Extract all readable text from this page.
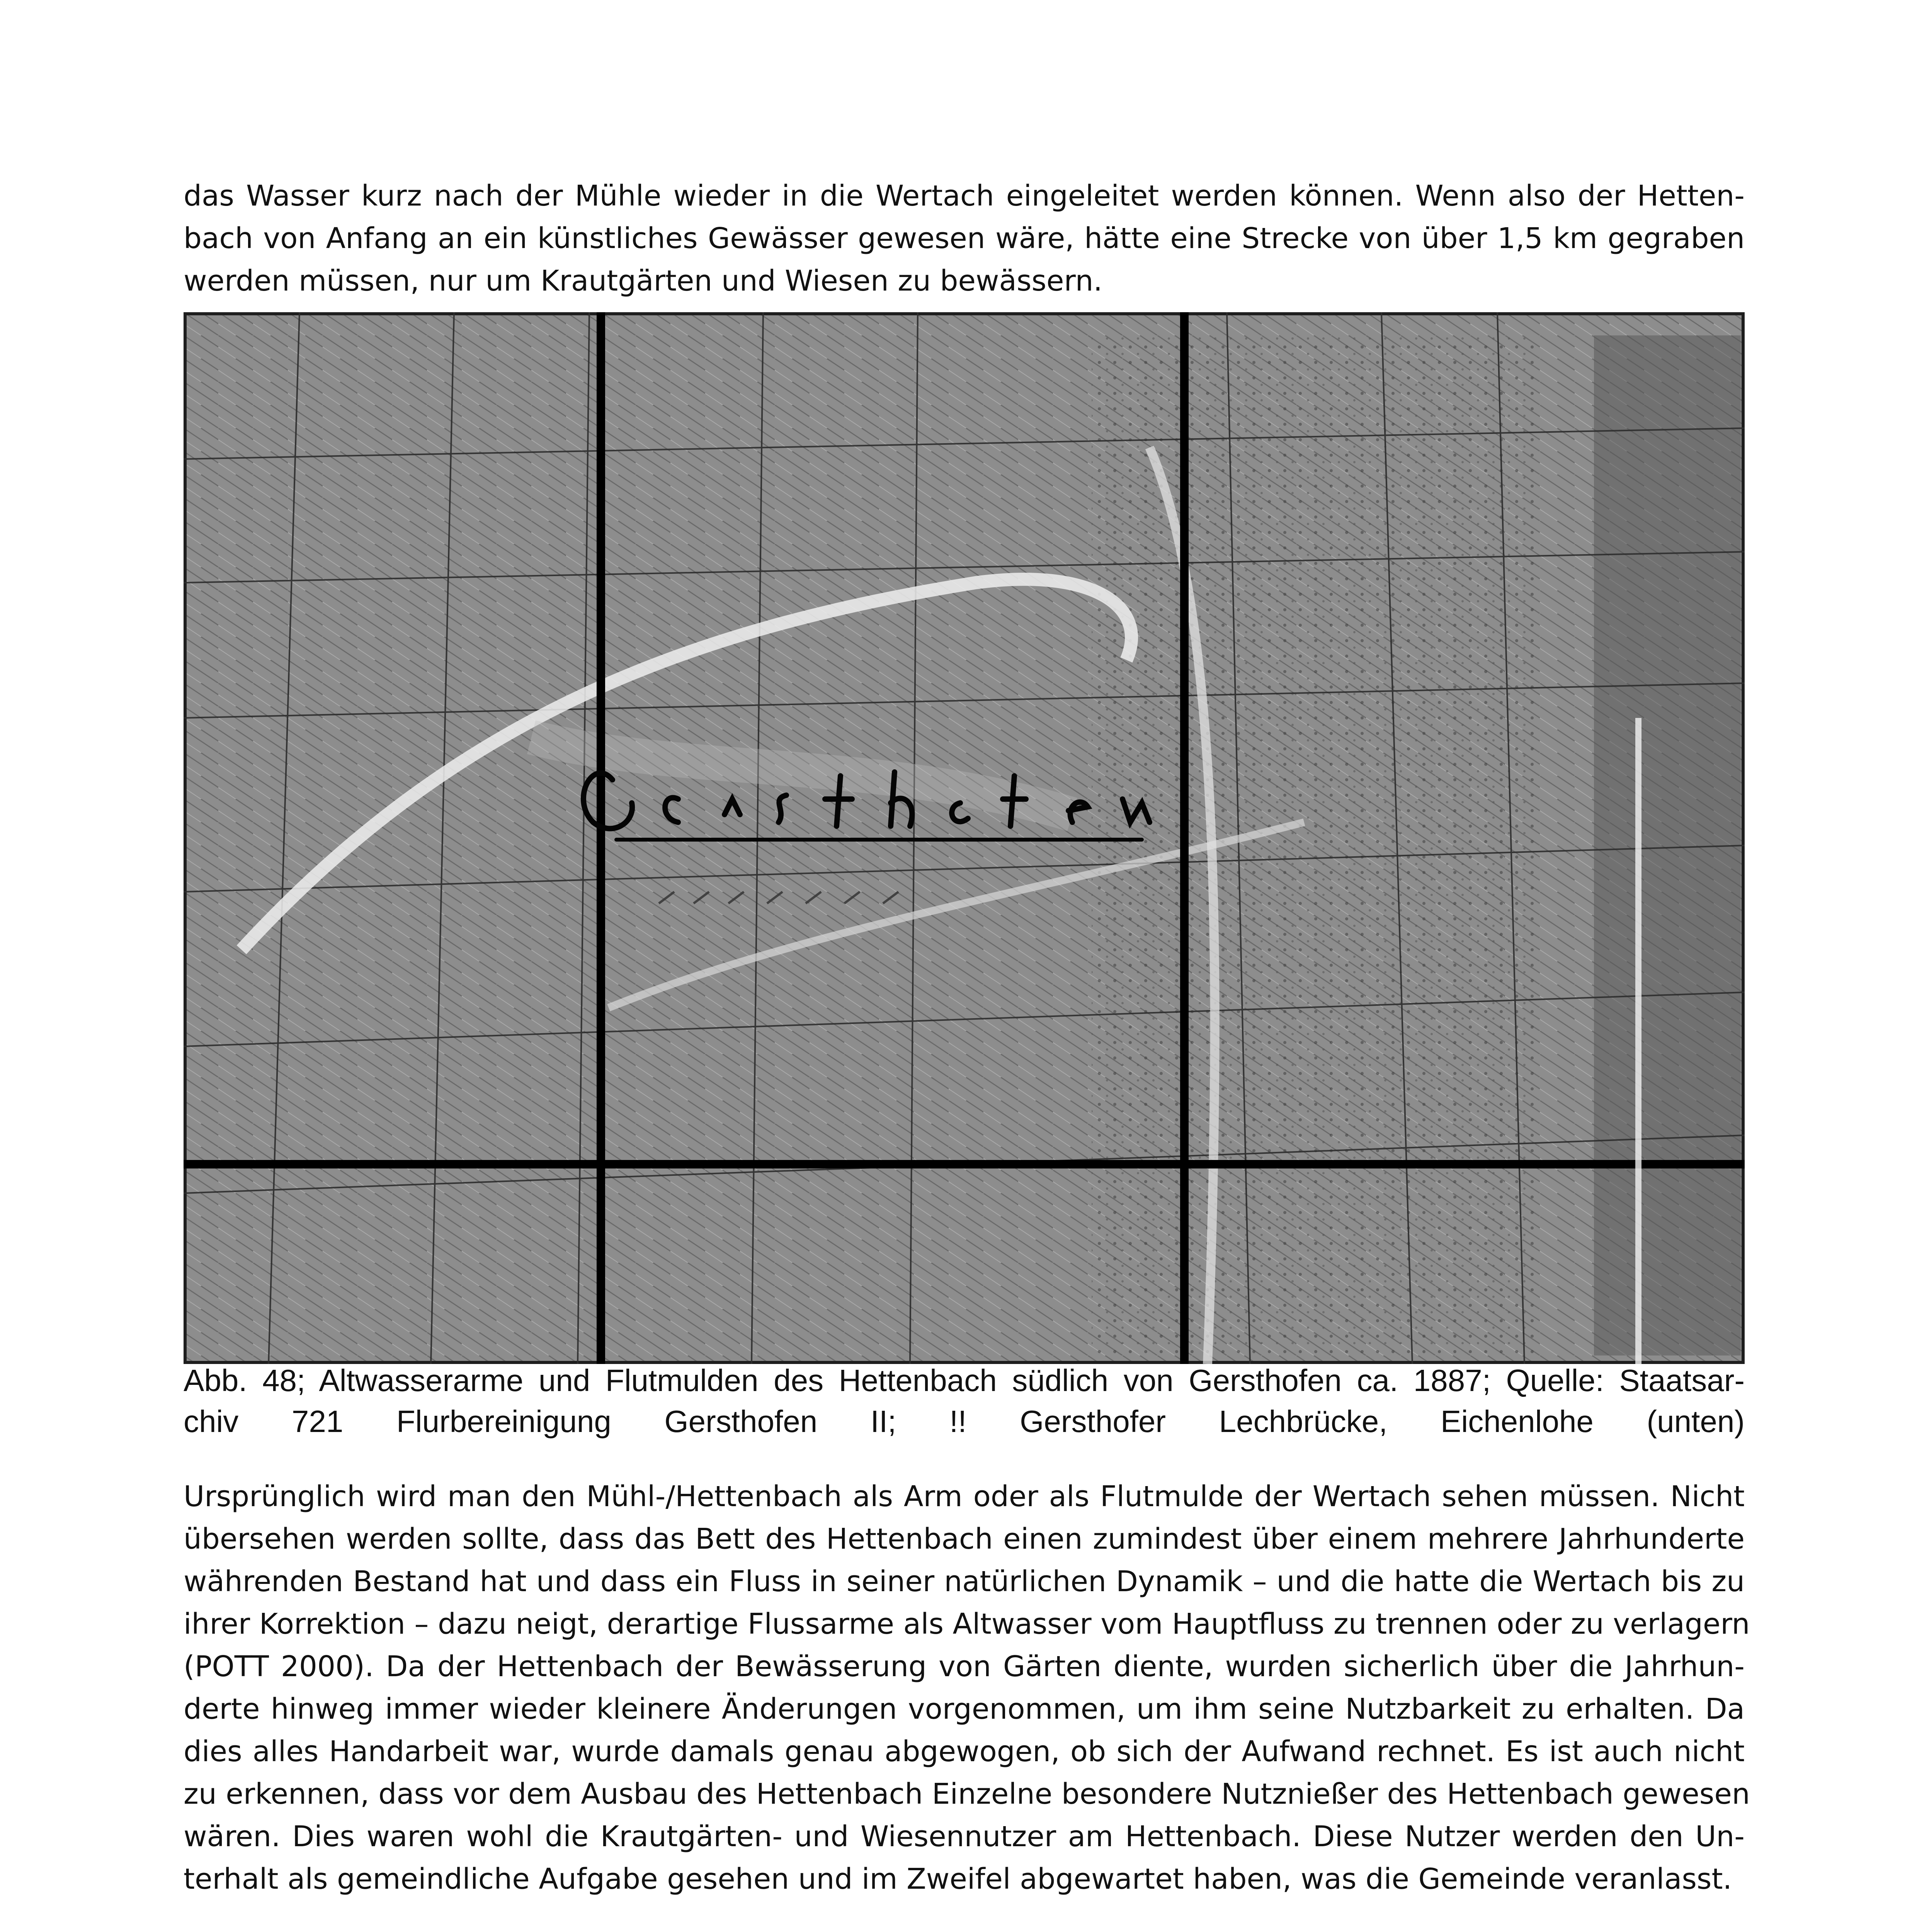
das Wasser kurz nach der Mühle wieder in die Wertach eingeleitet werden können. Wenn also der Hetten-
bach von Anfang an ein künstliches Gewässer gewesen wäre, hätte eine Strecke von über 1,5 km gegraben
werden müssen, nur um Krautgärten und Wiesen zu bewässern.
Abb. 48; Altwasserarme und Flutmulden des Hettenbach südlich von Gersthofen ca. 1887; Quelle: Staatsar-
chiv 721 Flurbereinigung Gersthofen II; !! Gersthofer Lechbrücke, Eichenlohe (unten)
Ursprünglich wird man den Mühl-/Hettenbach als Arm oder als Flutmulde der Wertach sehen müssen. Nicht
übersehen werden sollte, dass das Bett des Hettenbach einen zumindest über einem mehrere Jahrhunderte
währenden Bestand hat und dass ein Fluss in seiner natürlichen Dynamik – und die hatte die Wertach bis zu
ihrer Korrektion – dazu neigt, derartige Flussarme als Altwasser vom Hauptfluss zu trennen oder zu verlagern
(POTT 2000). Da der Hettenbach der Bewässerung von Gärten diente, wurden sicherlich über die Jahrhun-
derte hinweg immer wieder kleinere Änderungen vorgenommen, um ihm seine Nutzbarkeit zu erhalten. Da
dies alles Handarbeit war, wurde damals genau abgewogen, ob sich der Aufwand rechnet. Es ist auch nicht
zu erkennen, dass vor dem Ausbau des Hettenbach Einzelne besondere Nutznießer des Hettenbach gewesen
wären. Dies waren wohl die Krautgärten- und Wiesennutzer am Hettenbach. Diese Nutzer werden den Un-
terhalt als gemeindliche Aufgabe gesehen und im Zweifel abgewartet haben, was die Gemeinde veranlasst.
